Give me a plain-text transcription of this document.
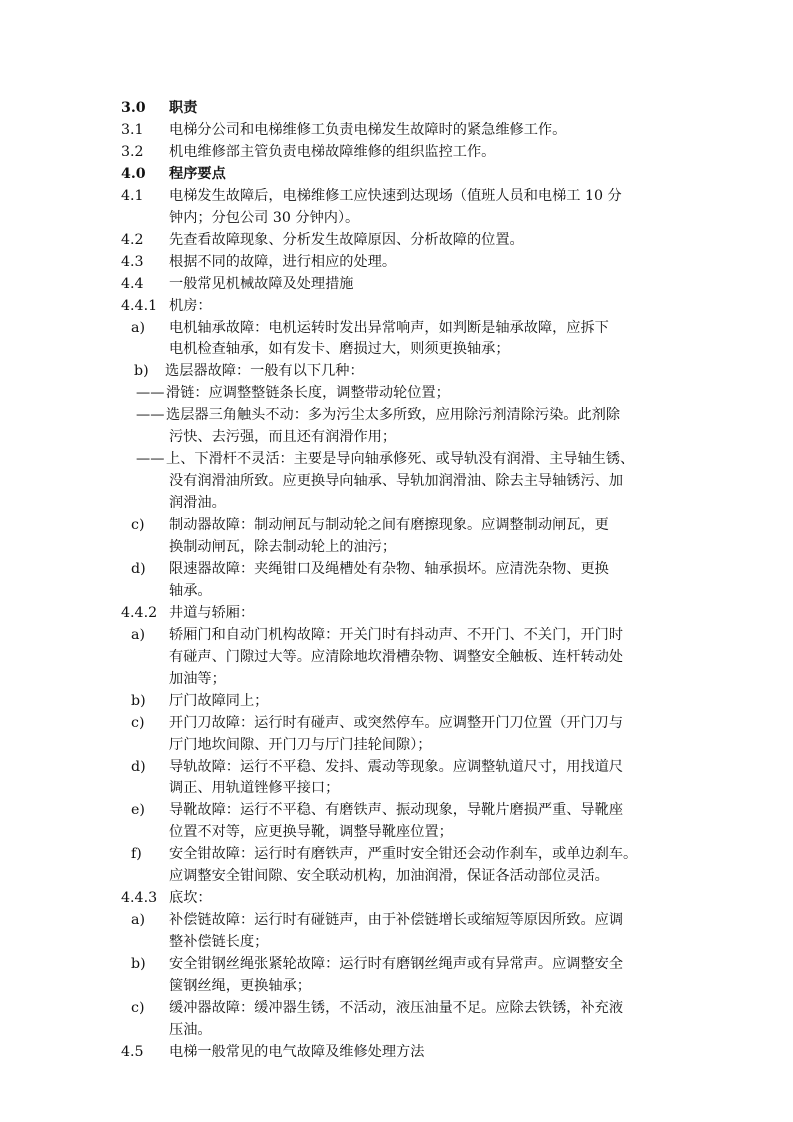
3.0 职责
3.1 电梯分公司和电梯维修工负责电梯发生故障时的紧急维修工作。
3.2 机电维修部主管负责电梯故障维修的组织监控工作。
4.0 程序要点
4.1 电梯发生故障后，电梯维修工应快速到达现场（值班人员和电梯工 10 分
钟内；分包公司 30 分钟内）。
4.2 先查看故障现象、分析发生故障原因、分析故障的位置。
4.3 根据不同的故障，进行相应的处理。
4.4 一般常见机械故障及处理措施
4.4.1 机房：
a) 电机轴承故障：电机运转时发出异常响声，如判断是轴承故障，应拆下
电机检查轴承，如有发卡、磨损过大，则须更换轴承；
b) 选层器故障：一般有以下几种：
—— 滑链：应调整整链条长度，调整带动轮位置；
—— 选层器三角触头不动：多为污尘太多所致，应用除污剂清除污染。此剂除
污快、去污强，而且还有润滑作用；
—— 上、下滑杆不灵活：主要是导向轴承修死、或导轨没有润滑、主导轴生锈、
没有润滑油所致。应更换导向轴承、导轨加润滑油、除去主导轴锈污、加
润滑油。
c) 制动器故障：制动闸瓦与制动轮之间有磨擦现象。应调整制动闸瓦，更
换制动闸瓦，除去制动轮上的油污；
d) 限速器故障：夹绳钳口及绳槽处有杂物、轴承损坏。应清洗杂物、更换
轴承。
4.4.2 井道与轿厢：
a) 轿厢门和自动门机构故障：开关门时有抖动声、不开门、不关门，开门时
有碰声、门隙过大等。应清除地坎滑槽杂物、调整安全触板、连杆转动处
加油等；
b) 厅门故障同上；
c) 开门刀故障：运行时有碰声、或突然停车。应调整开门刀位置（开门刀与
厅门地坎间隙、开门刀与厅门挂轮间隙）；
d) 导轨故障：运行不平稳、发抖、震动等现象。应调整轨道尺寸，用找道尺
调正、用轨道锉修平接口；
e) 导靴故障：运行不平稳、有磨铁声、振动现象，导靴片磨损严重、导靴座
位置不对等，应更换导靴，调整导靴座位置；
f) 安全钳故障：运行时有磨铁声，严重时安全钳还会动作刹车，或单边刹车。
应调整安全钳间隙、安全联动机构，加油润滑，保证各活动部位灵活。
4.4.3 底坎：
a) 补偿链故障：运行时有碰链声，由于补偿链增长或缩短等原因所致。应调
整补偿链长度；
b) 安全钳钢丝绳张紧轮故障：运行时有磨钢丝绳声或有异常声。应调整安全
箧钢丝绳，更换轴承；
c) 缓冲器故障：缓冲器生锈，不活动，液压油量不足。应除去铁锈，补充液
压油。
4.5 电梯一般常见的电气故障及维修处理方法
